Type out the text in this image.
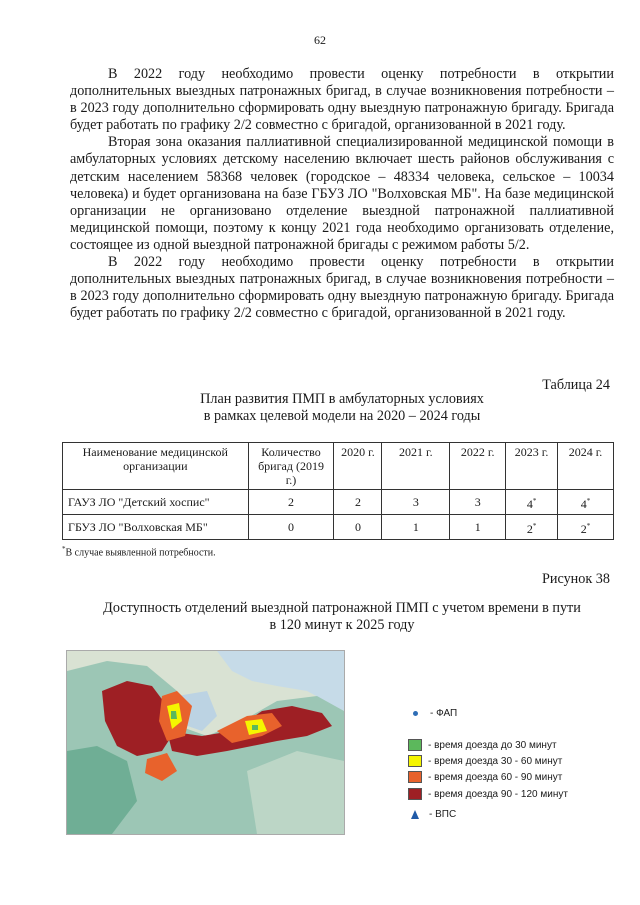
62

В 2022 году необходимо провести оценку потребности в открытии дополнительных выездных патронажных бригад, в случае возникновения потребности – в 2023 году дополнительно сформировать одну выездную патронажную бригаду. Бригада будет работать по графику 2/2 совместно с бригадой, организованной в 2021 году.

Вторая зона оказания паллиативной специализированной медицинской помощи в амбулаторных условиях детскому населению включает шесть районов обслуживания с детским населением 58368 человек (городское – 48334 человека, сельское – 10034 человека) и будет организована на базе ГБУЗ ЛО "Волховская МБ". На базе медицинской организации не организовано отделение выездной патронажной паллиативной медицинской помощи, поэтому к концу 2021 года необходимо организовать отделение, состоящее из одной выездной патронажной бригады с режимом работы 5/2.

В 2022 году необходимо провести оценку потребности в открытии дополнительных выездных патронажных бригад, в случае возникновения потребности – в 2023 году дополнительно сформировать одну выездную патронажную бригаду. Бригада будет работать по графику 2/2 совместно с бригадой, организованной в 2021 году.

Таблица 24
План развития ПМП в амбулаторных условиях
в рамках целевой модели на 2020 – 2024 годы
Наименование медицинской организации	Количество бригад (2019 г.)	2020 г.	2021 г.	2022 г.	2023 г.	2024 г.
ГАУЗ ЛО "Детский хоспис"	2	2	3	3	4*	4*
ГБУЗ ЛО "Волховская МБ"	0	0	1	1	2*	2*
*В случае выявленной потребности.
Рисунок 38
Доступность отделений выездной патронажной ПМП с учетом времени в пути
в 120 минут к 2025 году
- ФАП
- время доезда до 30 минут
- время доезда 30 - 60 минут
- время доезда 60 - 90 минут
- время доезда 90 - 120 минут
- ВПС
